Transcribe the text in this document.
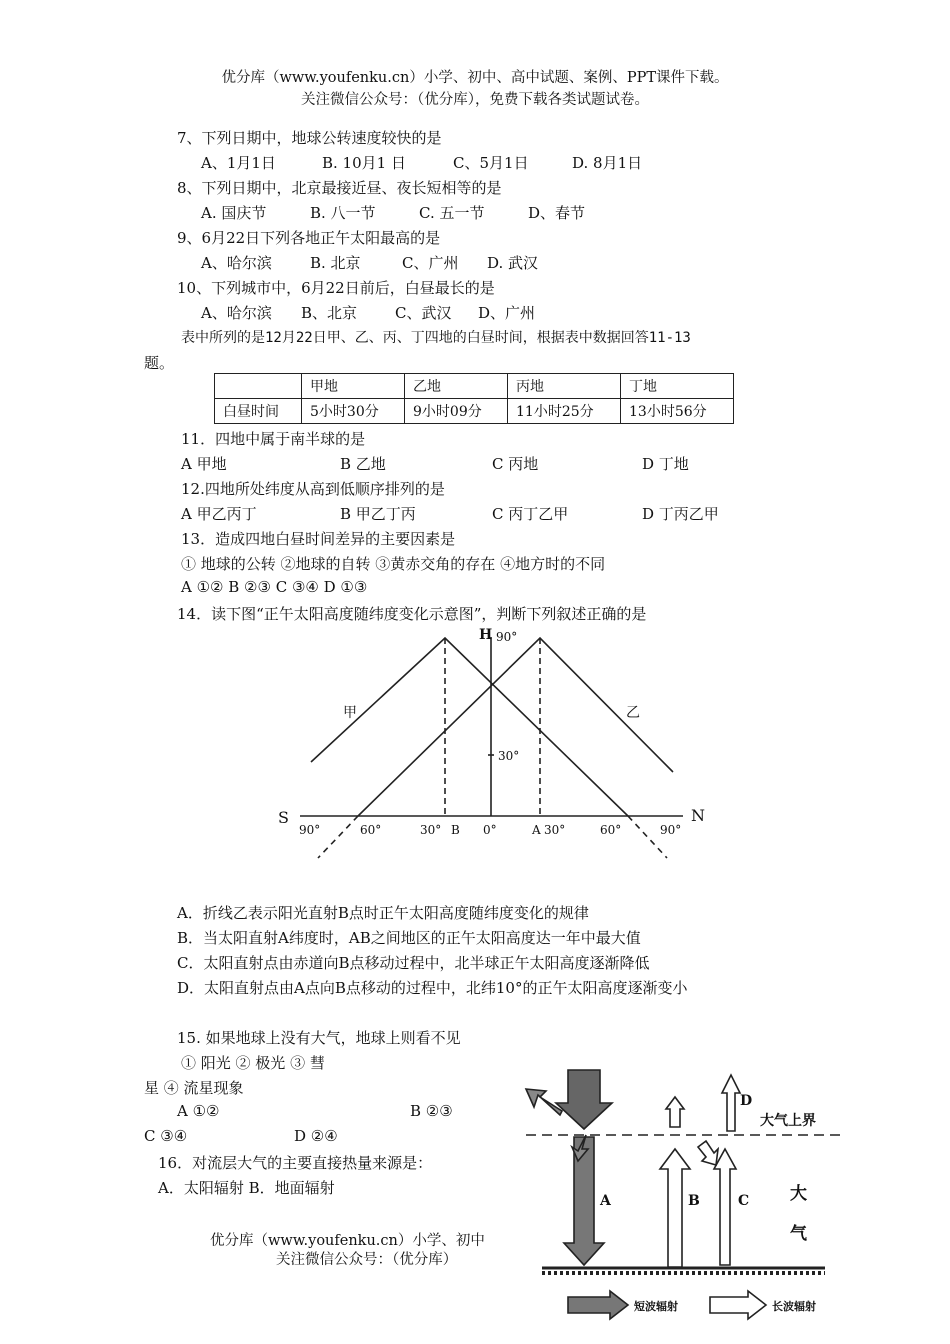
优分库（www.youfenku.cn）小学、初中、高中试题、案例、PPT课件下载。
关注微信公众号：（优分库），免费下载各类试题试卷。
7、下列日期中，地球公转速度较快的是
A、1月1日	B. 10月1 日	C、5月1日	D. 8月1日
8、下列日期中，北京最接近昼、夜长短相等的是
A. 国庆节	B. 八一节	C. 五一节	D、春节
9、6月22日下列各地正午太阳最高的是
A、哈尔滨	B. 北京	C、广州 D. 武汉
10、下列城市中，6月22日前后，白昼最长的是
A、哈尔滨 B、北京	C、武汉 D、广州
表中所列的是12月22日甲、乙、丙、丁四地的白昼时间，根据表中数据回答11-13
题。
	甲地	乙地	丙地	丁地
白昼时间	5小时30分	9小时09分	11小时25分	13小时56分
11．四地中属于南半球的是
A 甲地	B 乙地	C 丙地	D 丁地
12.四地所处纬度从高到低顺序排列的是
A 甲乙丙丁	B 甲乙丁丙	C 丙丁乙甲	D 丁丙乙甲
13．造成四地白昼时间差异的主要因素是
① 地球的公转 ②地球的自转 ③黄赤交角的存在 ④地方时的不同
A ①② B ②③ C ③④ D ①③
14．读下图“正午太阳高度随纬度变化示意图”，判断下列叙述正确的是
H 90°
30°
S	N
甲	乙
90°	60°	30° B 0°	A 30°	60°	90°
A．折线乙表示阳光直射B点时正午太阳高度随纬度变化的规律
B．当太阳直射A纬度时，AB之间地区的正午太阳高度达一年中最大值
C．太阳直射点由赤道向B点移动过程中，北半球正午太阳高度逐渐降低
D．太阳直射点由A点向B点移动的过程中，北纬10°的正午太阳高度逐渐变小
15. 如果地球上没有大气，地球上则看不见
① 阳光 ② 极光 ③ 彗
星 ④ 流星现象
A ①②	B ②③
C ③④	D ②④
16．对流层大气的主要直接热量来源是：
A．太阳辐射 B．地面辐射
优分库（www.youfenku.cn）小学、初中
关注微信公众号：（优分库）
大气上界
大
气
A	B	C
D
短波辐射	长波辐射
